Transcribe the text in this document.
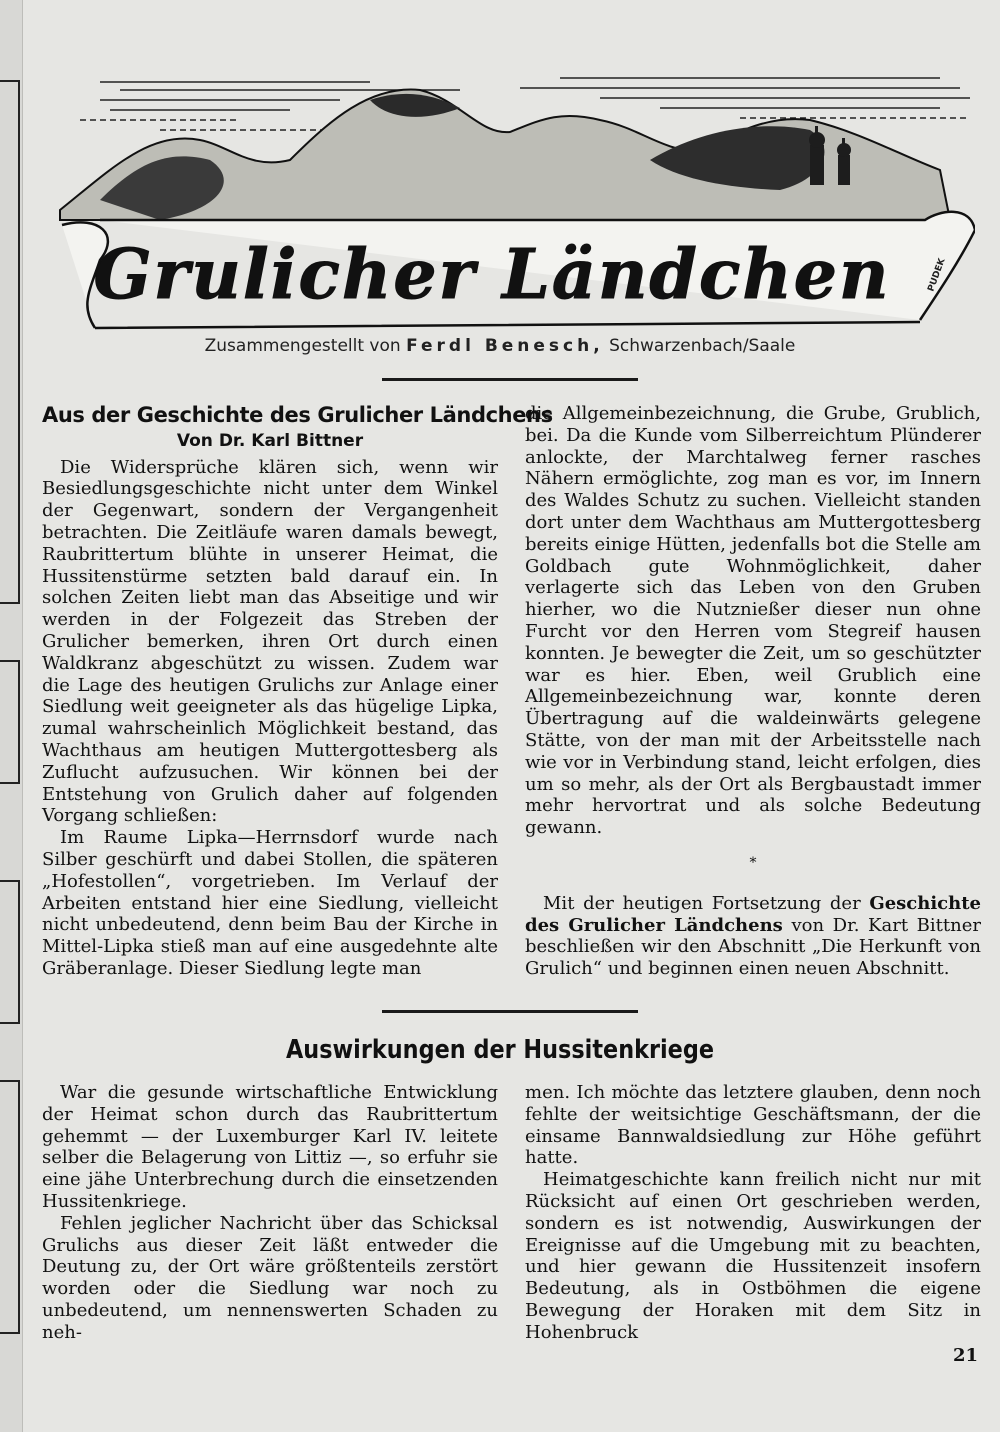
Grulicher Ländchen	PUDEK
Zusammengestellt von Ferdl Benesch, Schwarzenbach/Saale
Aus der Geschichte des Grulicher Ländchens
Von Dr. Karl Bittner

Die Widersprüche klären sich, wenn wir Besiedlungsgeschichte nicht unter dem Winkel der Gegenwart, sondern der Vergangenheit betrachten. Die Zeitläufe waren damals bewegt, Raubrittertum blühte in unserer Heimat, die Hussitenstürme setzten bald darauf ein. In solchen Zeiten liebt man das Abseitige und wir werden in der Folgezeit das Streben der Grulicher bemerken, ihren Ort durch einen Waldkranz abgeschützt zu wissen. Zudem war die Lage des heutigen Grulichs zur Anlage einer Siedlung weit geeigneter als das hügelige Lipka, zumal wahrscheinlich Möglichkeit bestand, das Wachthaus am heutigen Muttergottesberg als Zuflucht aufzusuchen. Wir können bei der Entstehung von Grulich daher auf folgenden Vorgang schließen:

Im Raume Lipka—Herrnsdorf wurde nach Silber geschürft und dabei Stollen, die späteren „Hofestollen“, vorgetrieben. Im Verlauf der Arbeiten entstand hier eine Siedlung, vielleicht nicht unbedeutend, denn beim Bau der Kirche in Mittel-Lipka stieß man auf eine ausgedehnte alte Gräberanlage. Dieser Siedlung legte man

die Allgemeinbezeichnung, die Grube, Grublich, bei. Da die Kunde vom Silberreichtum Plünderer anlockte, der Marchtalweg ferner rasches Nähern ermöglichte, zog man es vor, im Innern des Waldes Schutz zu suchen. Vielleicht standen dort unter dem Wachthaus am Muttergottesberg bereits einige Hütten, jedenfalls bot die Stelle am Goldbach gute Wohnmöglichkeit, daher verlagerte sich das Leben von den Gruben hierher, wo die Nutznießer dieser nun ohne Furcht vor den Herren vom Stegreif hausen konnten. Je bewegter die Zeit, um so geschützter war es hier. Eben, weil Grublich eine Allgemeinbezeichnung war, konnte deren Übertragung auf die waldeinwärts gelegene Stätte, von der man mit der Arbeitsstelle nach wie vor in Verbindung stand, leicht erfolgen, dies um so mehr, als der Ort als Bergbaustadt immer mehr hervortrat und als solche Bedeutung gewann.

*

Mit der heutigen Fortsetzung der Geschichte des Grulicher Ländchens von Dr. Kart Bittner beschließen wir den Abschnitt „Die Herkunft von Grulich“ und beginnen einen neuen Abschnitt.

Auswirkungen der Hussitenkriege

War die gesunde wirtschaftliche Entwicklung der Heimat schon durch das Raubrittertum gehemmt — der Luxemburger Karl IV. leitete selber die Belagerung von Littiz —, so erfuhr sie eine jähe Unterbrechung durch die einsetzenden Hussitenkriege.

Fehlen jeglicher Nachricht über das Schicksal Grulichs aus dieser Zeit läßt entweder die Deutung zu, der Ort wäre größtenteils zerstört worden oder die Siedlung war noch zu unbedeutend, um nennenswerten Schaden zu neh-

men. Ich möchte das letztere glauben, denn noch fehlte der weitsichtige Geschäftsmann, der die einsame Bannwaldsiedlung zur Höhe geführt hatte.

Heimatgeschichte kann freilich nicht nur mit Rücksicht auf einen Ort geschrieben werden, sondern es ist notwendig, Auswirkungen der Ereignisse auf die Umgebung mit zu beachten, und hier gewann die Hussitenzeit insofern Bedeutung, als in Ostböhmen die eigene Bewegung der Horaken mit dem Sitz in Hohenbruck

21
